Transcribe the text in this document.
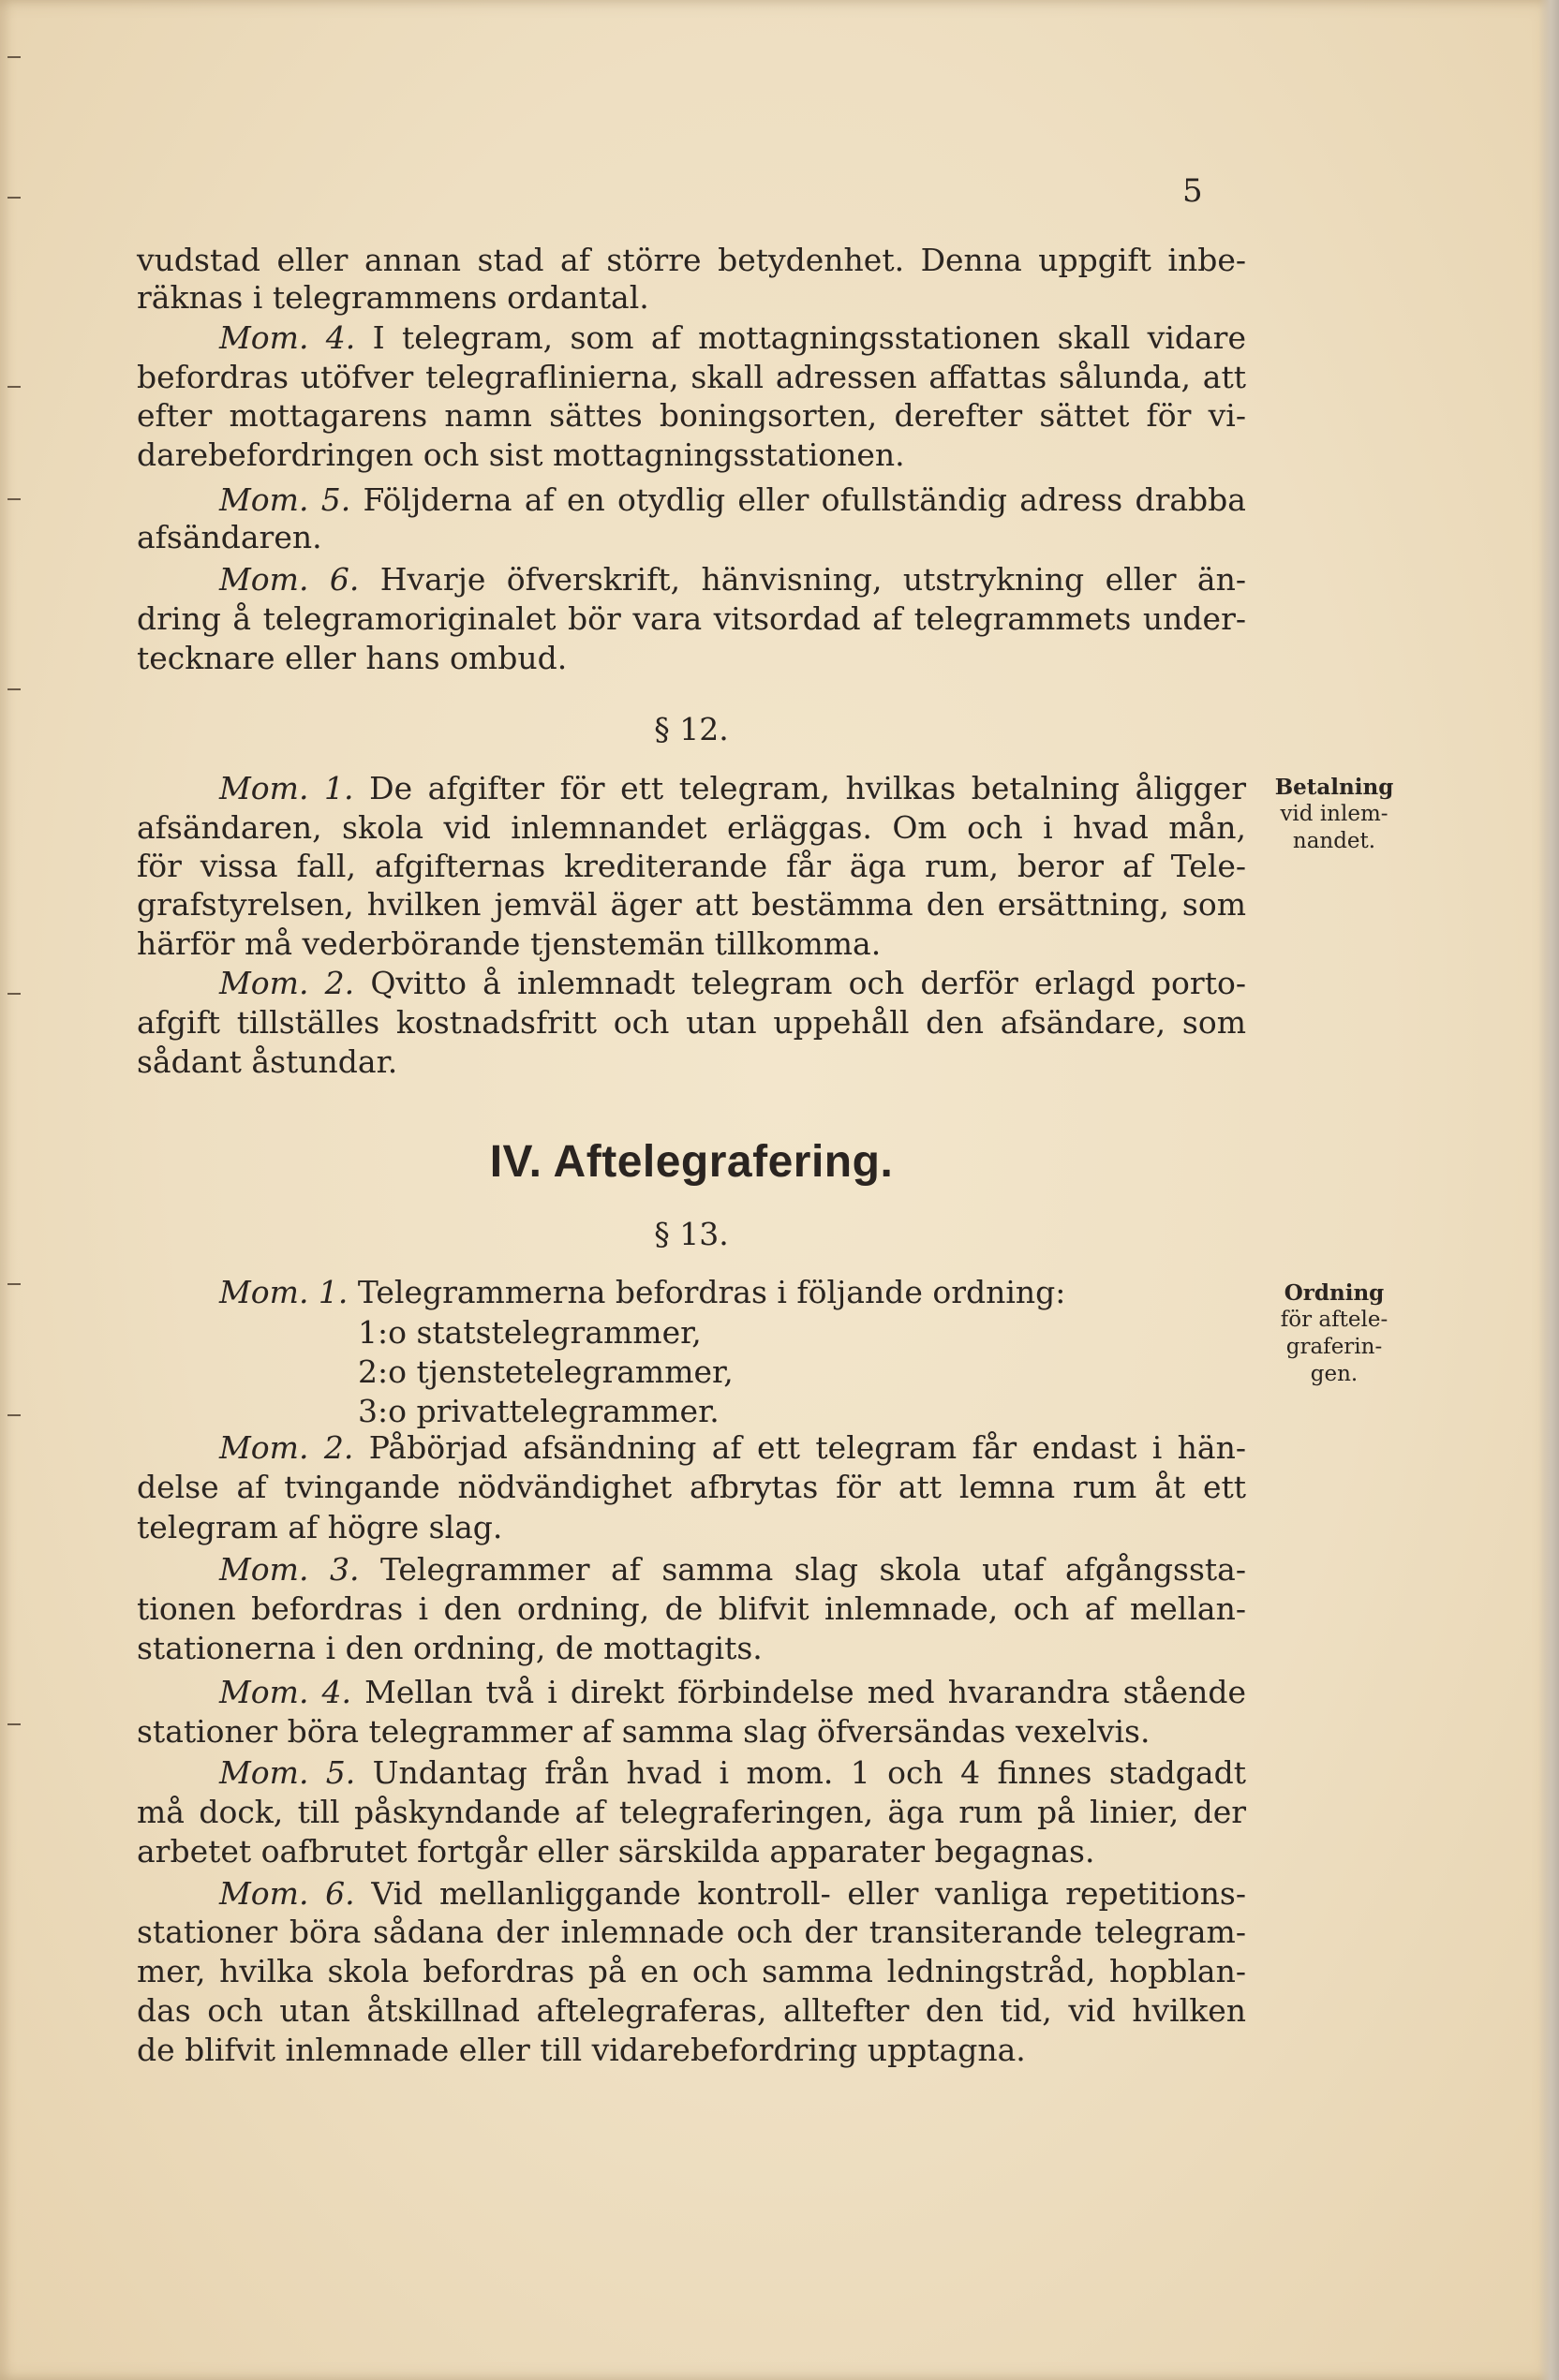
5
vudstad eller annan stad af större betydenhet. Denna uppgift inbe-
räknas i telegrammens ordantal.
Mom. 4. I telegram, som af mottagningsstationen skall vidare
befordras utöfver telegraflinierna, skall adressen affattas sålunda, att
efter mottagarens namn sättes boningsorten, derefter sättet för vi-
darebefordringen och sist mottagningsstationen.
Mom. 5. Följderna af en otydlig eller ofullständig adress drabba
afsändaren.
Mom. 6. Hvarje öfverskrift, hänvisning, utstrykning eller än-
dring å telegramoriginalet bör vara vitsordad af telegrammets under-
tecknare eller hans ombud.
§ 12.
Mom. 1. De afgifter för ett telegram, hvilkas betalning åligger
afsändaren, skola vid inlemnandet erläggas. Om och i hvad mån,
för vissa fall, afgifternas krediterande får äga rum, beror af Tele-
grafstyrelsen, hvilken jemväl äger att bestämma den ersättning, som
härför må vederbörande tjenstemän tillkomma.
Mom. 2. Qvitto å inlemnadt telegram och derför erlagd porto-
afgift tillställes kostnadsfritt och utan uppehåll den afsändare, som
sådant åstundar.
IV. Aftelegrafering.
§ 13.
Mom. 1. Telegrammerna befordras i följande ordning:
1:o statstelegrammer,
2:o tjenstetelegrammer,
3:o privattelegrammer.
Mom. 2. Påbörjad afsändning af ett telegram får endast i hän-
delse af tvingande nödvändighet afbrytas för att lemna rum åt ett
telegram af högre slag.
Mom. 3. Telegrammer af samma slag skola utaf afgångssta-
tionen befordras i den ordning, de blifvit inlemnade, och af mellan-
stationerna i den ordning, de mottagits.
Mom. 4. Mellan två i direkt förbindelse med hvarandra stående
stationer böra telegrammer af samma slag öfversändas vexelvis.
Mom. 5. Undantag från hvad i mom. 1 och 4 finnes stadgadt
må dock, till påskyndande af telegraferingen, äga rum på linier, der
arbetet oafbrutet fortgår eller särskilda apparater begagnas.
Mom. 6. Vid mellanliggande kontroll- eller vanliga repetitions-
stationer böra sådana der inlemnade och der transiterande telegram-
mer, hvilka skola befordras på en och samma ledningstråd, hopblan-
das och utan åtskillnad aftelegraferas, alltefter den tid, vid hvilken
de blifvit inlemnade eller till vidarebefordring upptagna.
Betalning
vid inlem-
nandet.
Ordning
för aftele-
graferin-
gen.
